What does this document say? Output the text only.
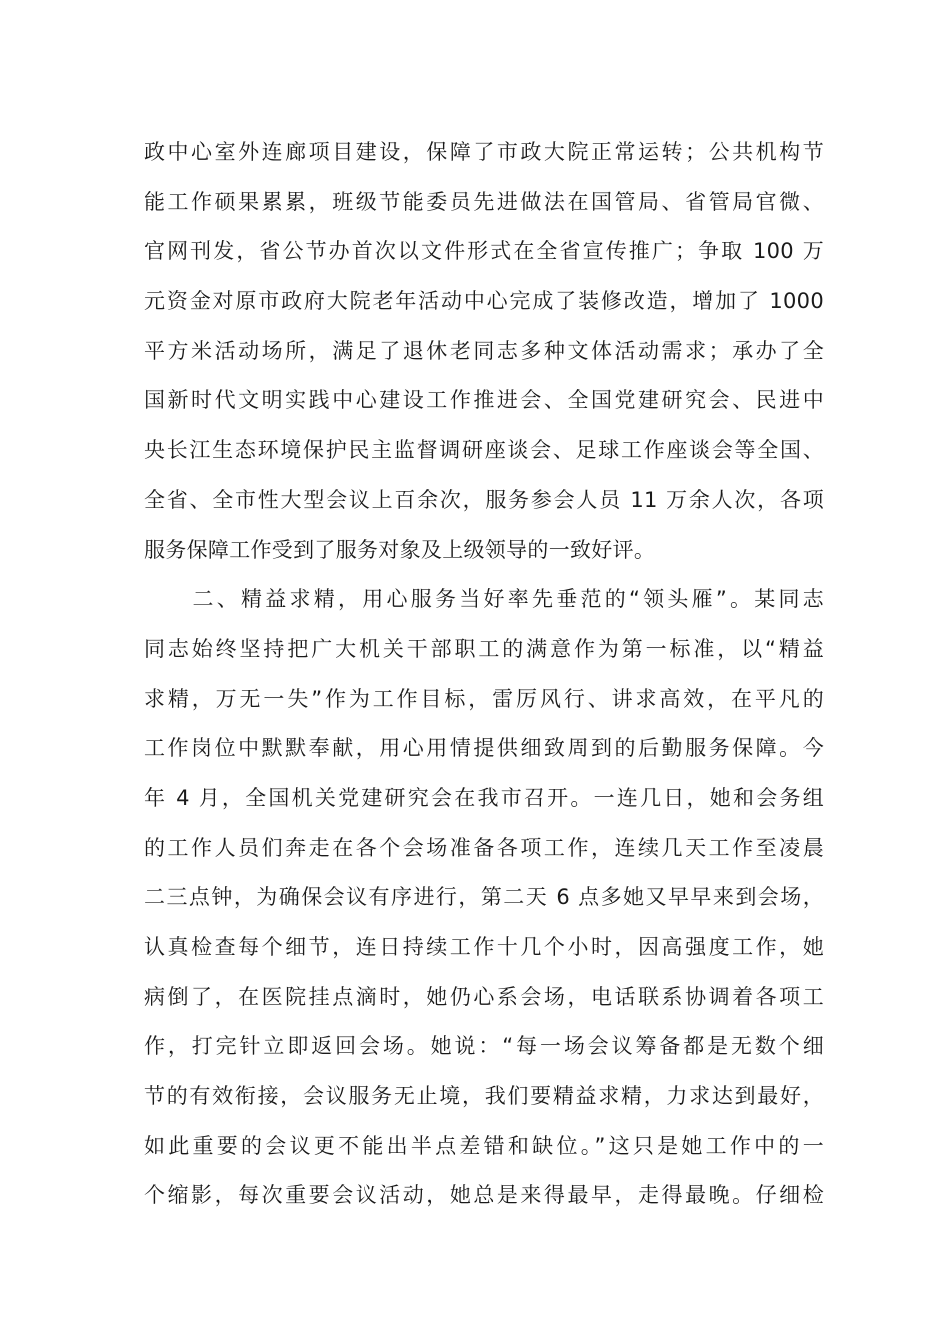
政中心室外连廊项目建设，保障了市政大院正常运转；公共机构节
能工作硕果累累，班级节能委员先进做法在国管局、省管局官微、
官网刊发，省公节办首次以文件形式在全省宣传推广；争取 100 万
元资金对原市政府大院老年活动中心完成了装修改造，增加了 1000
平方米活动场所，满足了退休老同志多种文体活动需求；承办了全
国新时代文明实践中心建设工作推进会、全国党建研究会、民进中
央长江生态环境保护民主监督调研座谈会、足球工作座谈会等全国、
全省、全市性大型会议上百余次，服务参会人员 11 万余人次，各项
服务保障工作受到了服务对象及上级领导的一致好评。
　　二、精益求精，用心服务当好率先垂范的“领头雁”。某同志
同志始终坚持把广大机关干部职工的满意作为第一标准，以“精益
求精，万无一失”作为工作目标，雷厉风行、讲求高效，在平凡的
工作岗位中默默奉献，用心用情提供细致周到的后勤服务保障。今
年 4 月，全国机关党建研究会在我市召开。一连几日，她和会务组
的工作人员们奔走在各个会场准备各项工作，连续几天工作至凌晨
二三点钟，为确保会议有序进行，第二天 6 点多她又早早来到会场，
认真检查每个细节，连日持续工作十几个小时，因高强度工作，她
病倒了，在医院挂点滴时，她仍心系会场，电话联系协调着各项工
作，打完针立即返回会场。她说：“每一场会议筹备都是无数个细
节的有效衔接，会议服务无止境，我们要精益求精，力求达到最好，
如此重要的会议更不能出半点差错和缺位。”这只是她工作中的一
个缩影，每次重要会议活动，她总是来得最早，走得最晚。仔细检
